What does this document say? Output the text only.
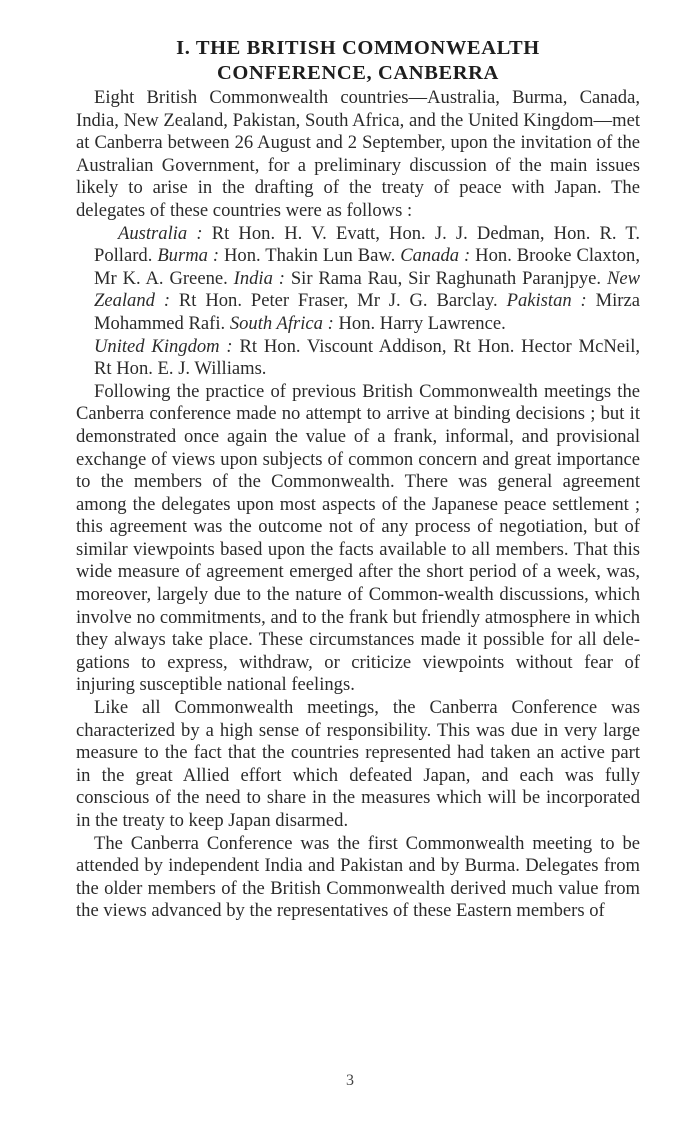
I. THE BRITISH COMMONWEALTH
CONFERENCE, CANBERRA

Eight British Commonwealth countries—Australia, Burma, Canada, India, New Zealand, Pakistan, South Africa, and the United Kingdom—met at Canberra between 26 August and 2 September, upon the invitation of the Australian Government, for a preliminary discussion of the main issues likely to arise in the drafting of the treaty of peace with Japan. The delegates of these countries were as follows :

Australia : Rt Hon. H. V. Evatt, Hon. J. J. Dedman, Hon. R. T. Pollard. Burma : Hon. Thakin Lun Baw. Canada : Hon. Brooke Claxton, Mr K. A. Greene. India : Sir Rama Rau, Sir Raghunath Paranjpye. New Zealand : Rt Hon. Peter Fraser, Mr J. G. Barclay. Pakistan : Mirza Mohammed Rafi. South Africa : Hon. Harry Lawrence.

United Kingdom : Rt Hon. Viscount Addison, Rt Hon. Hector McNeil, Rt Hon. E. J. Williams.

Following the practice of previous British Commonwealth meetings the Canberra conference made no attempt to arrive at binding decisions ; but it demonstrated once again the value of a frank, informal, and provisional exchange of views upon subjects of common concern and great importance to the members of the Commonwealth. There was general agreement among the delegates upon most aspects of the Japanese peace settlement ; this agreement was the outcome not of any process of negotiation, but of similar viewpoints based upon the facts available to all members. That this wide measure of agreement emerged after the short period of a week, was, moreover, largely due to the nature of Common-wealth discussions, which involve no commitments, and to the frank but friendly atmosphere in which they always take place. These circumstances made it possible for all dele-gations to express, withdraw, or criticize viewpoints without fear of injuring susceptible national feelings.

Like all Commonwealth meetings, the Canberra Conference was characterized by a high sense of responsibility. This was due in very large measure to the fact that the countries represented had taken an active part in the great Allied effort which defeated Japan, and each was fully conscious of the need to share in the measures which will be incorporated in the treaty to keep Japan disarmed.

The Canberra Conference was the first Commonwealth meeting to be attended by independent India and Pakistan and by Burma. Delegates from the older members of the British Commonwealth derived much value from the views advanced by the representatives of these Eastern members of

3
